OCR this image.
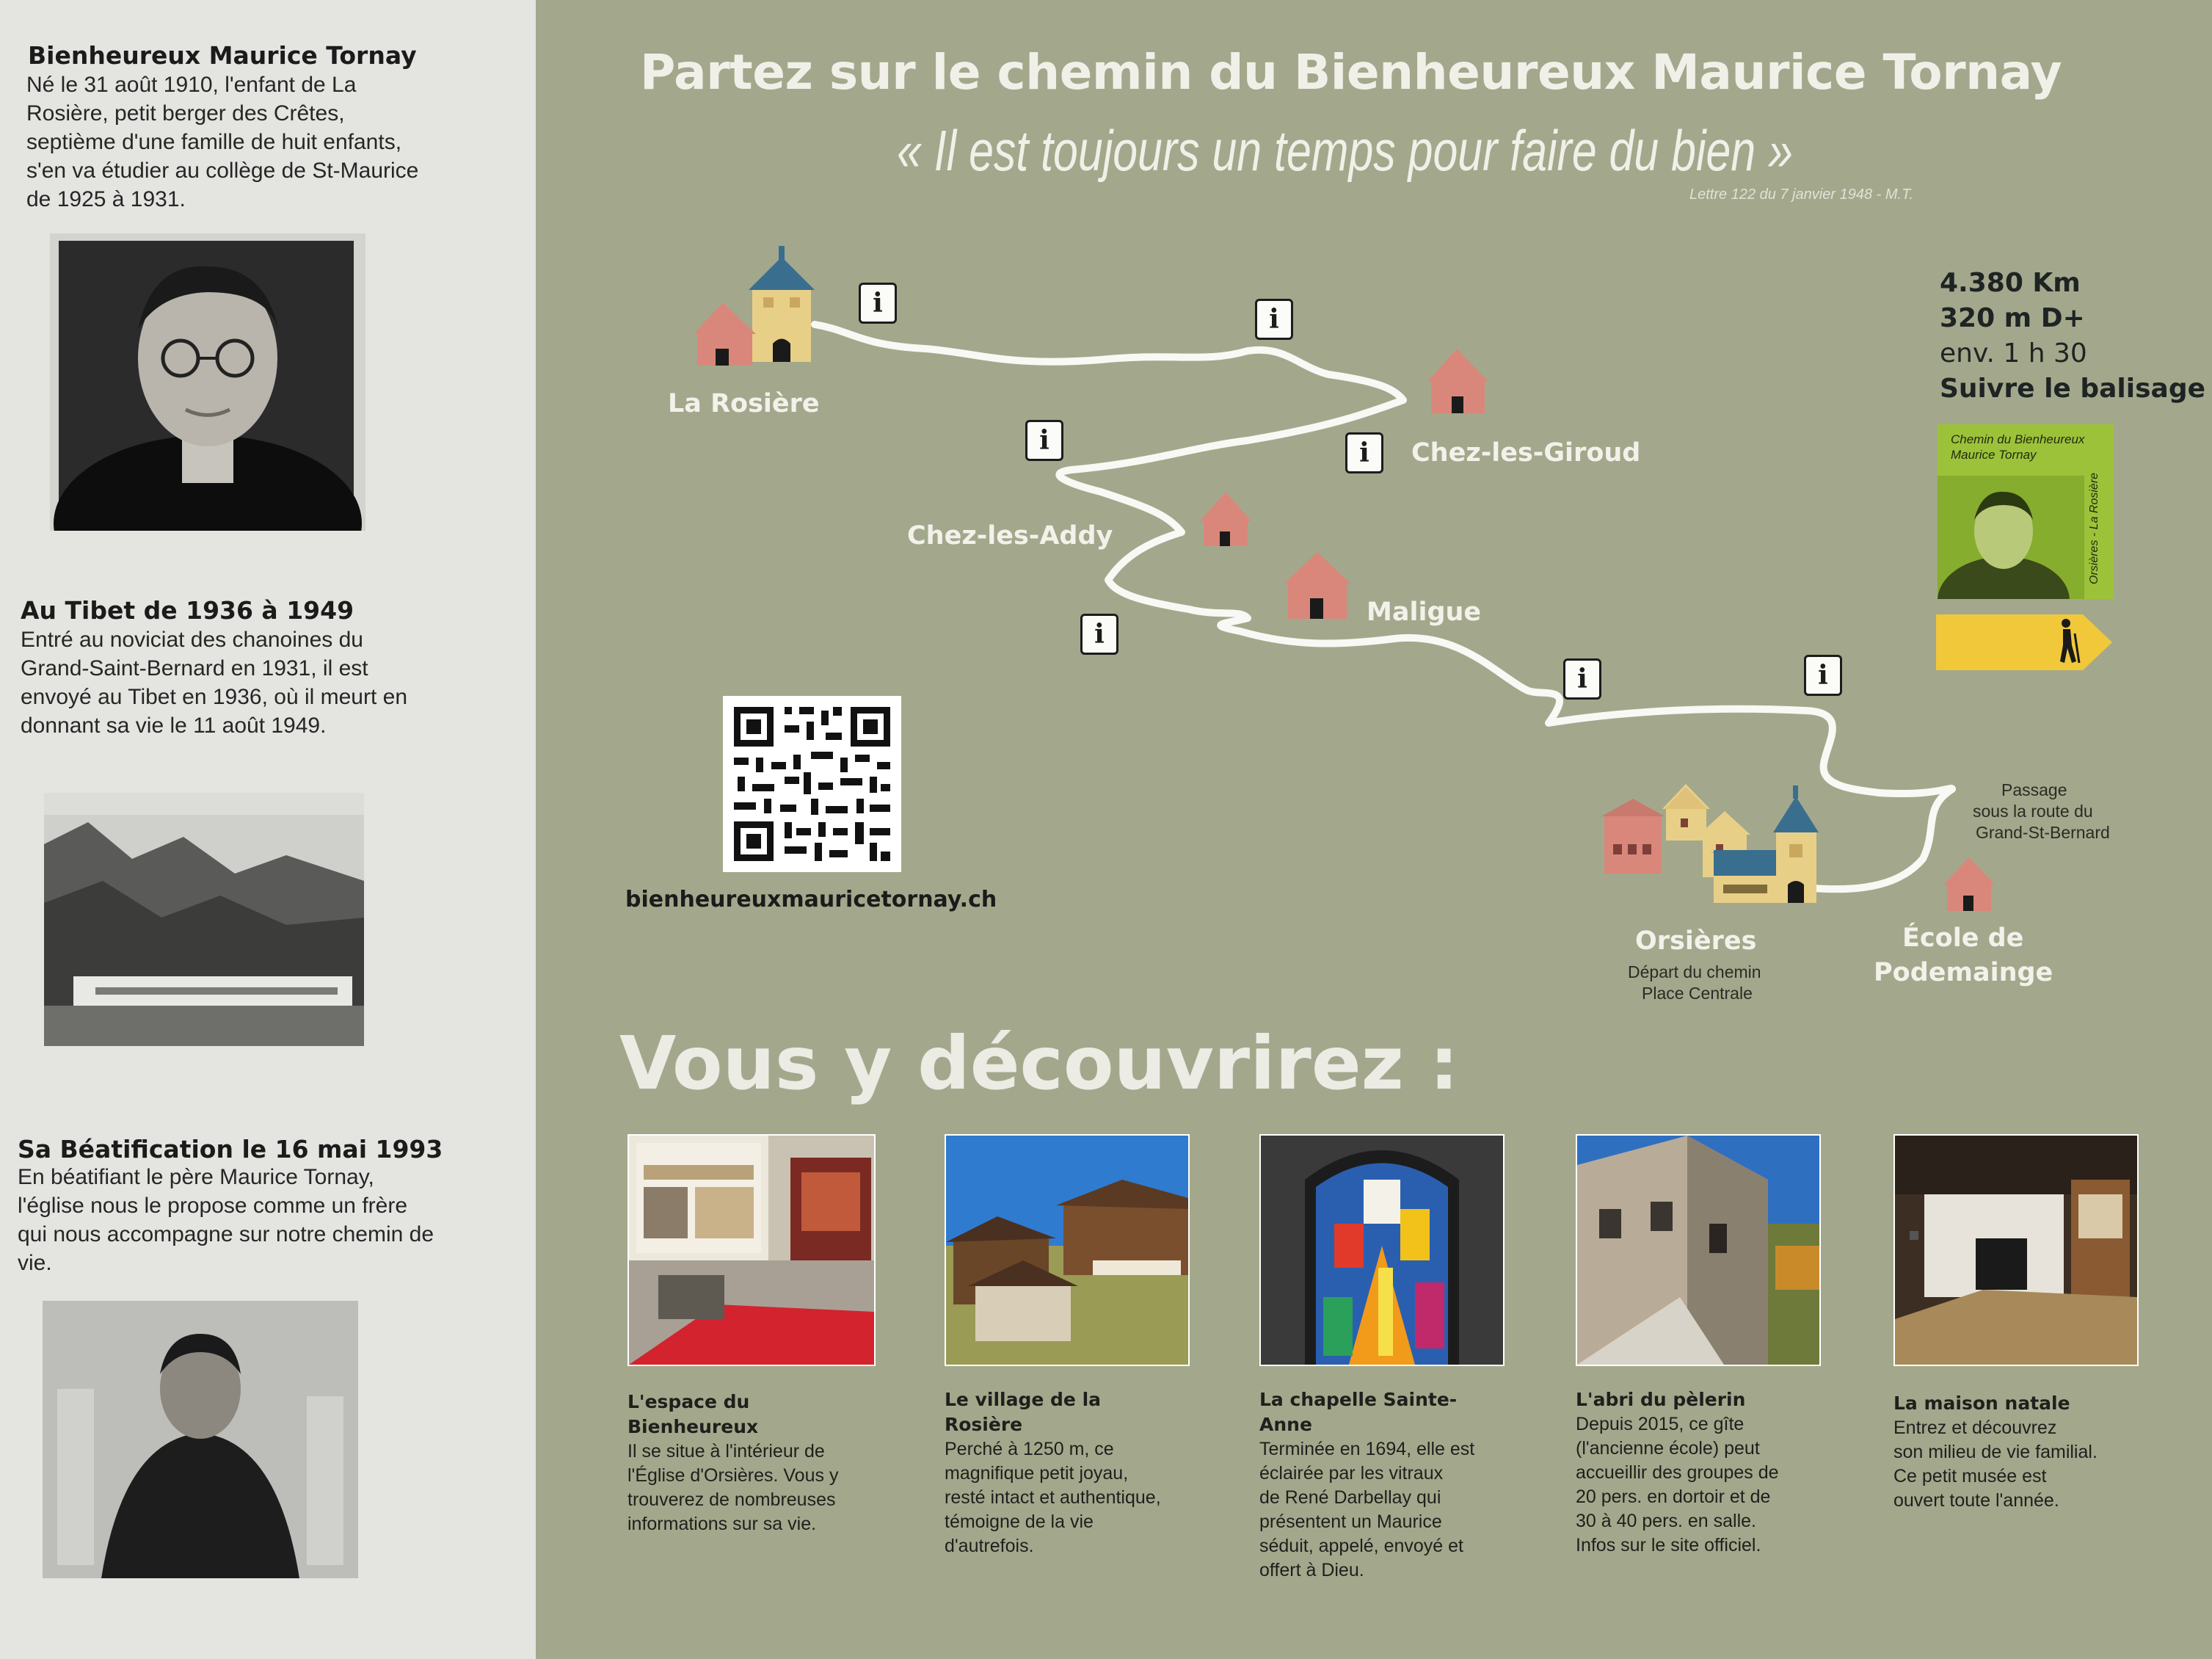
Bienheureux Maurice Tornay
Né le 31 août 1910, l'enfant de La Rosière, petit berger des Crêtes, septième d'une famille de huit enfants, s'en va étudier au collège de St-Maurice de 1925 à 1931.
Au Tibet de 1936 à 1949
Entré au noviciat des chanoines du Grand-Saint-Bernard en 1931, il est envoyé au Tibet en 1936, où il meurt en donnant sa vie le 11 août 1949.
Sa Béatification le 16 mai 1993
En béatifiant le père Maurice Tornay, l'église nous le propose comme un frère qui nous accompagne sur notre chemin de vie.
Partez sur le chemin du Bienheureux Maurice Tornay
« Il est toujours un temps pour faire du bien »
Lettre 122 du 7 janvier 1948 - M.T.
i
i
i	i
i
i	i
La Rosière
Chez-les-Giroud
Chez-les-Addy
Maligue
Orsières
Départ du chemin
Place Centrale
École de
Podemainge
Passage
sous la route du
Grand-St-Bernard
bienheureuxmauricetornay.ch
4.380 Km
320 m D+
env. 1 h 30
Suivre le balisage
Chemin du Bienheureux
Maurice Tornay
Orsières - La Rosière
Vous y découvrirez :
L'espace du
Bienheureux
Il se situe à l'intérieur de
l'Église d'Orsières. Vous y
trouverez de nombreuses
informations sur sa vie.
Le village de la
Rosière
Perché à 1250 m, ce
magnifique petit joyau,
resté intact et authentique,
témoigne de la vie
d'autrefois.
La chapelle Sainte-
Anne
Terminée en 1694, elle est
éclairée par les vitraux
de René Darbellay qui
présentent un Maurice
séduit, appelé, envoyé et
offert à Dieu.
L'abri du pèlerin
Depuis 2015, ce gîte
(l'ancienne école) peut
accueillir des groupes de
20 pers. en dortoir et de
30 à 40 pers. en salle.
Infos sur le site officiel.
La maison natale
Entrez et découvrez
son milieu de vie familial.
Ce petit musée est
ouvert toute l'année.
